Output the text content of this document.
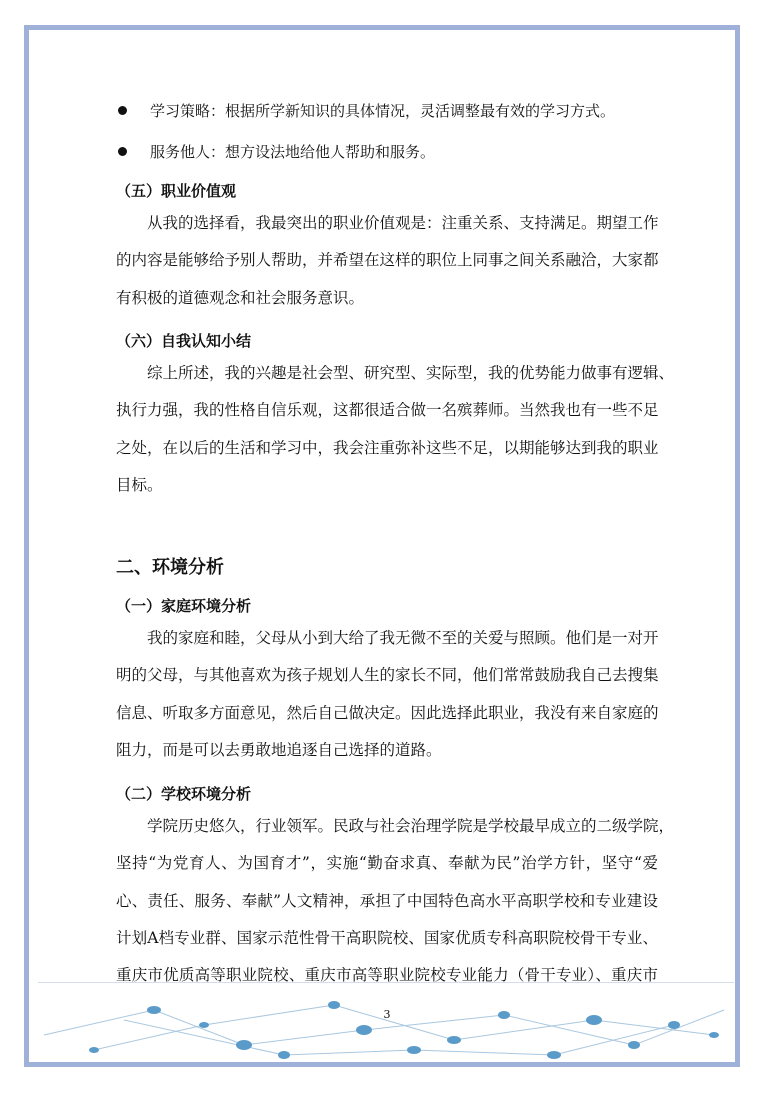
学习策略：根据所学新知识的具体情况，灵活调整最有效的学习方式。
服务他人：想方设法地给他人帮助和服务。
（五）职业价值观
从我的选择看，我最突出的职业价值观是：注重关系、支持满足。期望工作
的内容是能够给予别人帮助，并希望在这样的职位上同事之间关系融洽，大家都
有积极的道德观念和社会服务意识。
（六）自我认知小结
综上所述，我的兴趣是社会型、研究型、实际型，我的优势能力做事有逻辑、
执行力强，我的性格自信乐观，这都很适合做一名殡葬师。当然我也有一些不足
之处，在以后的生活和学习中，我会注重弥补这些不足，以期能够达到我的职业
目标。
二、环境分析
（一）家庭环境分析
我的家庭和睦，父母从小到大给了我无微不至的关爱与照顾。他们是一对开
明的父母，与其他喜欢为孩子规划人生的家长不同，他们常常鼓励我自己去搜集
信息、听取多方面意见，然后自己做决定。因此选择此职业，我没有来自家庭的
阻力，而是可以去勇敢地追逐自己选择的道路。
（二）学校环境分析
学院历史悠久，行业领军。民政与社会治理学院是学校最早成立的二级学院，
坚持“为党育人、为国育才”，实施“勤奋求真、奉献为民”治学方针，坚守“爱
心、责任、服务、奉献”人文精神，承担了中国特色高水平高职学校和专业建设
计划A档专业群、国家示范性骨干高职院校、国家优质专科高职院校骨干专业、
重庆市优质高等职业院校、重庆市高等职业院校专业能力（骨干专业）、重庆市
3
